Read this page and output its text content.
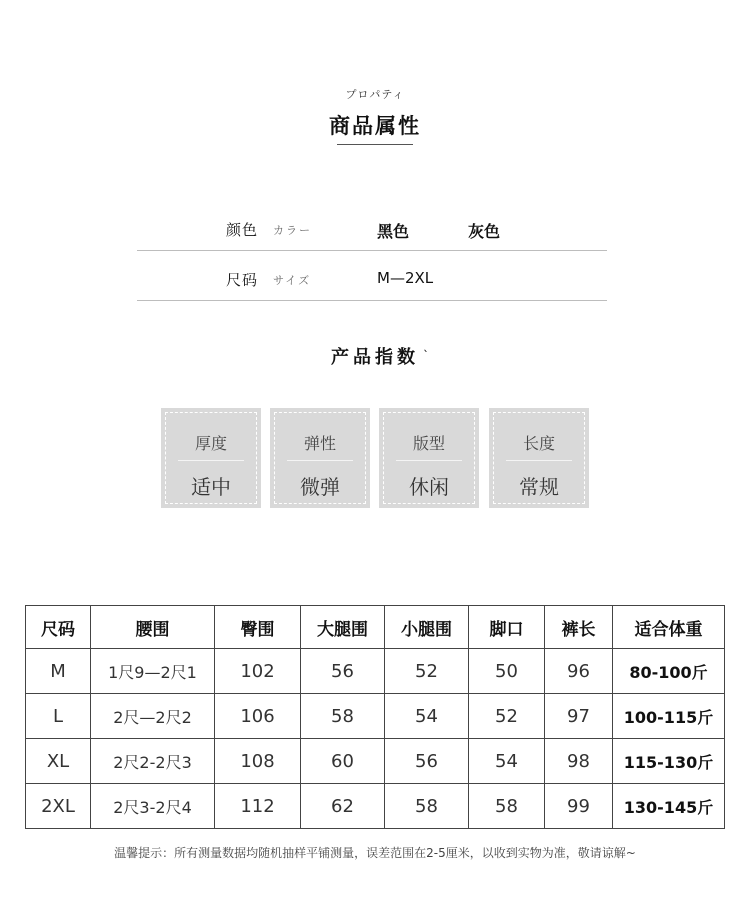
プロパティ
商品属性
颜色 カラー	黑色	灰色
尺码 サイズ	M—2XL
产品指数
ˎ
厚度
适中
弹性
微弹
版型
休闲
长度
常规
尺码	腰围	臀围	大腿围	小腿围	脚口	裤长	适合体重
M	1尺9—2尺1	102	56	52	50	96	80-100斤
L	2尺—2尺2	106	58	54	52	97	100-115斤
XL	2尺2-2尺3	108	60	56	54	98	115-130斤
2XL	2尺3-2尺4	112	62	58	58	99	130-145斤
温馨提示：所有测量数据均随机抽样平铺测量，误差范围在2-5厘米，以收到实物为准，敬请谅解~
